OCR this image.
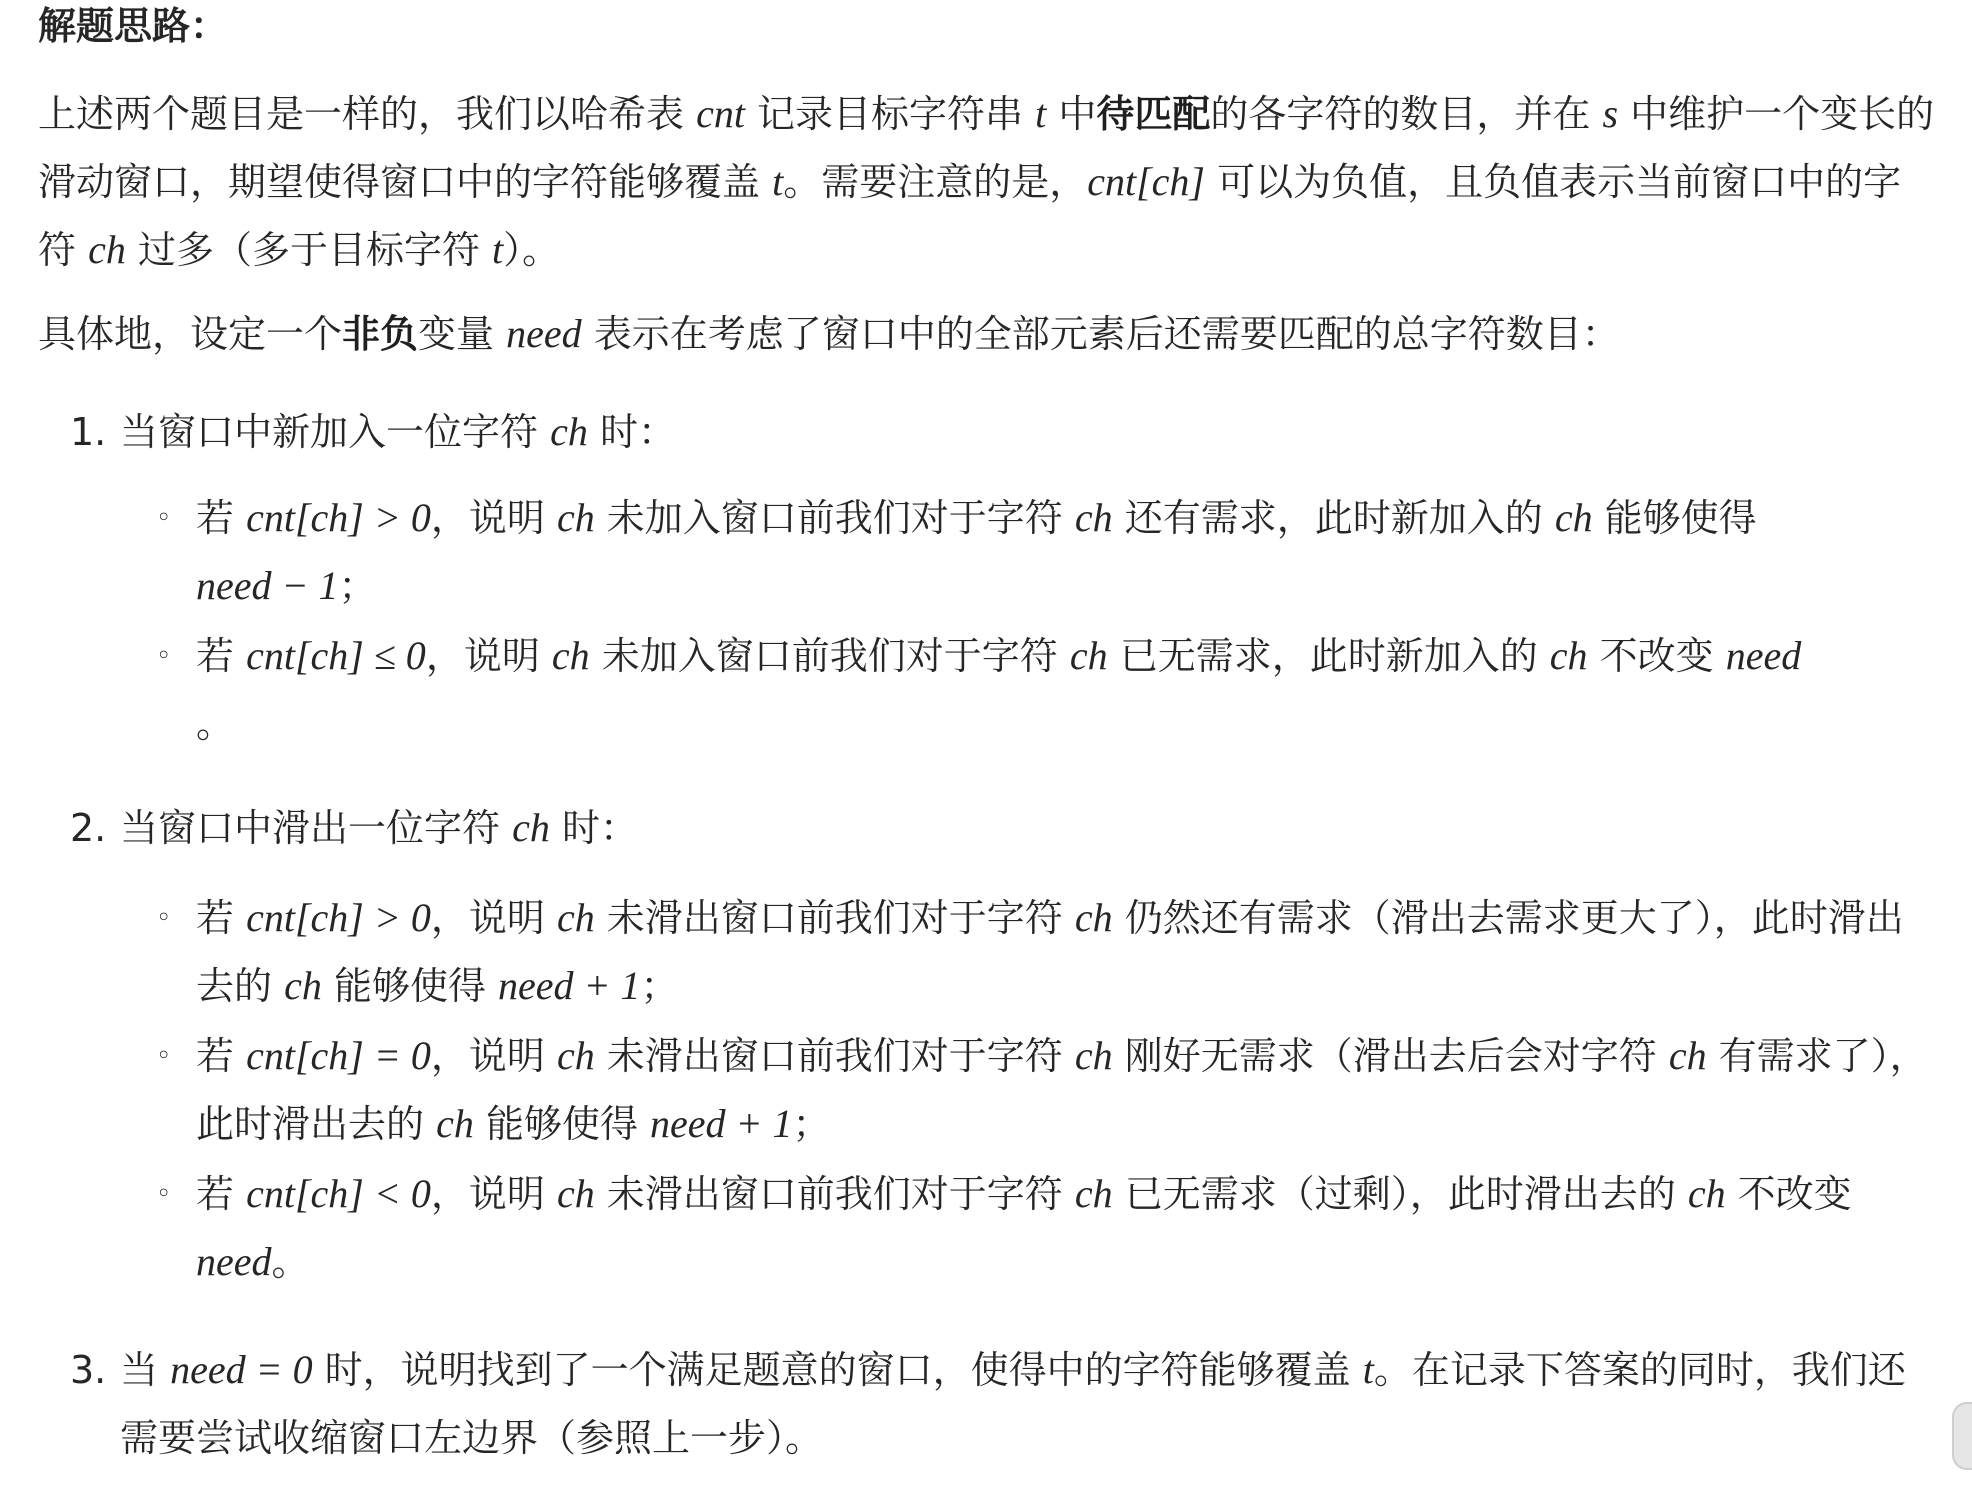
解题思路：
上述两个题目是一样的，我们以哈希表 cnt 记录目标字符串 t 中待匹配的各字符的数目，并在 s 中维护一个变长的滑动窗口，期望使得窗口中的字符能够覆盖 t。需要注意的是，cnt[ch] 可以为负值，且负值表示当前窗口中的字符 ch 过多（多于目标字符 t）。
具体地，设定一个非负变量 need 表示在考虑了窗口中的全部元素后还需要匹配的总字符数目：
1. 当窗口中新加入一位字符 ch 时：
◦ 若 cnt[ch] > 0，说明 ch 未加入窗口前我们对于字符 ch 还有需求，此时新加入的 ch 能够使得
need − 1；
◦ 若 cnt[ch] ≤ 0，说明 ch 未加入窗口前我们对于字符 ch 已无需求，此时新加入的 ch 不改变 need
。
2. 当窗口中滑出一位字符 ch 时：
◦ 若 cnt[ch] > 0，说明 ch 未滑出窗口前我们对于字符 ch 仍然还有需求（滑出去需求更大了），此时滑出去的 ch 能够使得 need + 1；
◦ 若 cnt[ch] = 0，说明 ch 未滑出窗口前我们对于字符 ch 刚好无需求（滑出去后会对字符 ch 有需求了），此时滑出去的 ch 能够使得 need + 1；
◦ 若 cnt[ch] < 0，说明 ch 未滑出窗口前我们对于字符 ch 已无需求（过剩），此时滑出去的 ch 不改变 need。
3. 当 need = 0 时，说明找到了一个满足题意的窗口，使得中的字符能够覆盖 t。在记录下答案的同时，我们还需要尝试收缩窗口左边界（参照上一步）。
